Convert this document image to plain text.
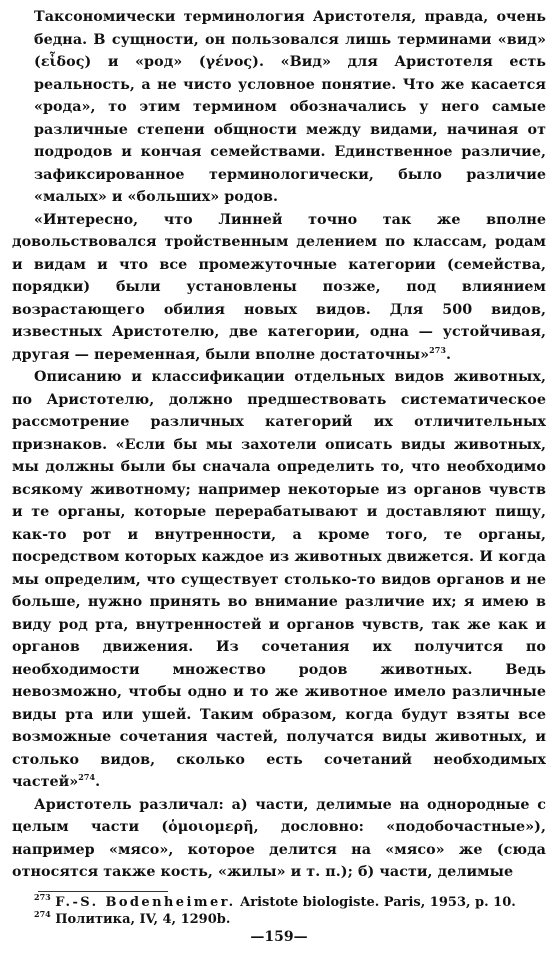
Таксономически терминология Аристотеля, правда, очень бедна. В сущности, он пользовался лишь терминами «вид» (εἶδος) и «род» (γένος). «Вид» для Аристотеля есть реальность, а не чисто условное понятие. Что же касается «рода», то этим термином обозначались у него самые различные степени общности между видами, начиная от подродов и кончая семействами. Единственное различие, зафиксированное терминологически, было различие «малых» и «больших» родов.

«Интересно, что Линней точно так же вполне довольствовался тройственным делением по классам, родам и видам и что все промежуточные категории (семейства, порядки) были установлены позже, под влиянием возрастающего обилия новых видов. Для 500 видов, известных Аристотелю, две категории, одна — устойчивая, другая — переменная, были вполне достаточны»$^{273}$.

Описанию и классификации отдельных видов животных, по Аристотелю, должно предшествовать систематическое рассмотрение различных категорий их отличительных признаков. «Если бы мы захотели описать виды животных, мы должны были бы сначала определить то, что необходимо всякому животному; например некоторые из органов чувств и те органы, которые перерабатывают и доставляют пищу, как-то рот и внутренности, а кроме того, те органы, посредством которых каждое из животных движется. И когда мы определим, что существует столько-то видов органов и не больше, нужно принять во внимание различие их; я имею в виду род рта, внутренностей и органов чувств, так же как и органов движения. Из сочетания их получится по необходимости множество родов животных. Ведь невозможно, чтобы одно и то же животное имело различные виды рта или ушей. Таким образом, когда будут взяты все возможные сочетания частей, получатся виды животных, и столько видов, сколько есть сочетаний необходимых частей»$^{274}$.

Аристотель различал: а) части, делимые на однородные с целым части (ὁμοιομερῆ, дословно: «подобочастные»), например «мясо», которое делится на «мясо» же (сюда относятся также кость, «жилы» и т. п.); б) части, делимые

$^{273}$ F.-S. Bodenheimer. Aristote biologiste. Paris, 1953, p. 10.

$^{274}$ Политика, IV, 4, 1290b.

—159—
